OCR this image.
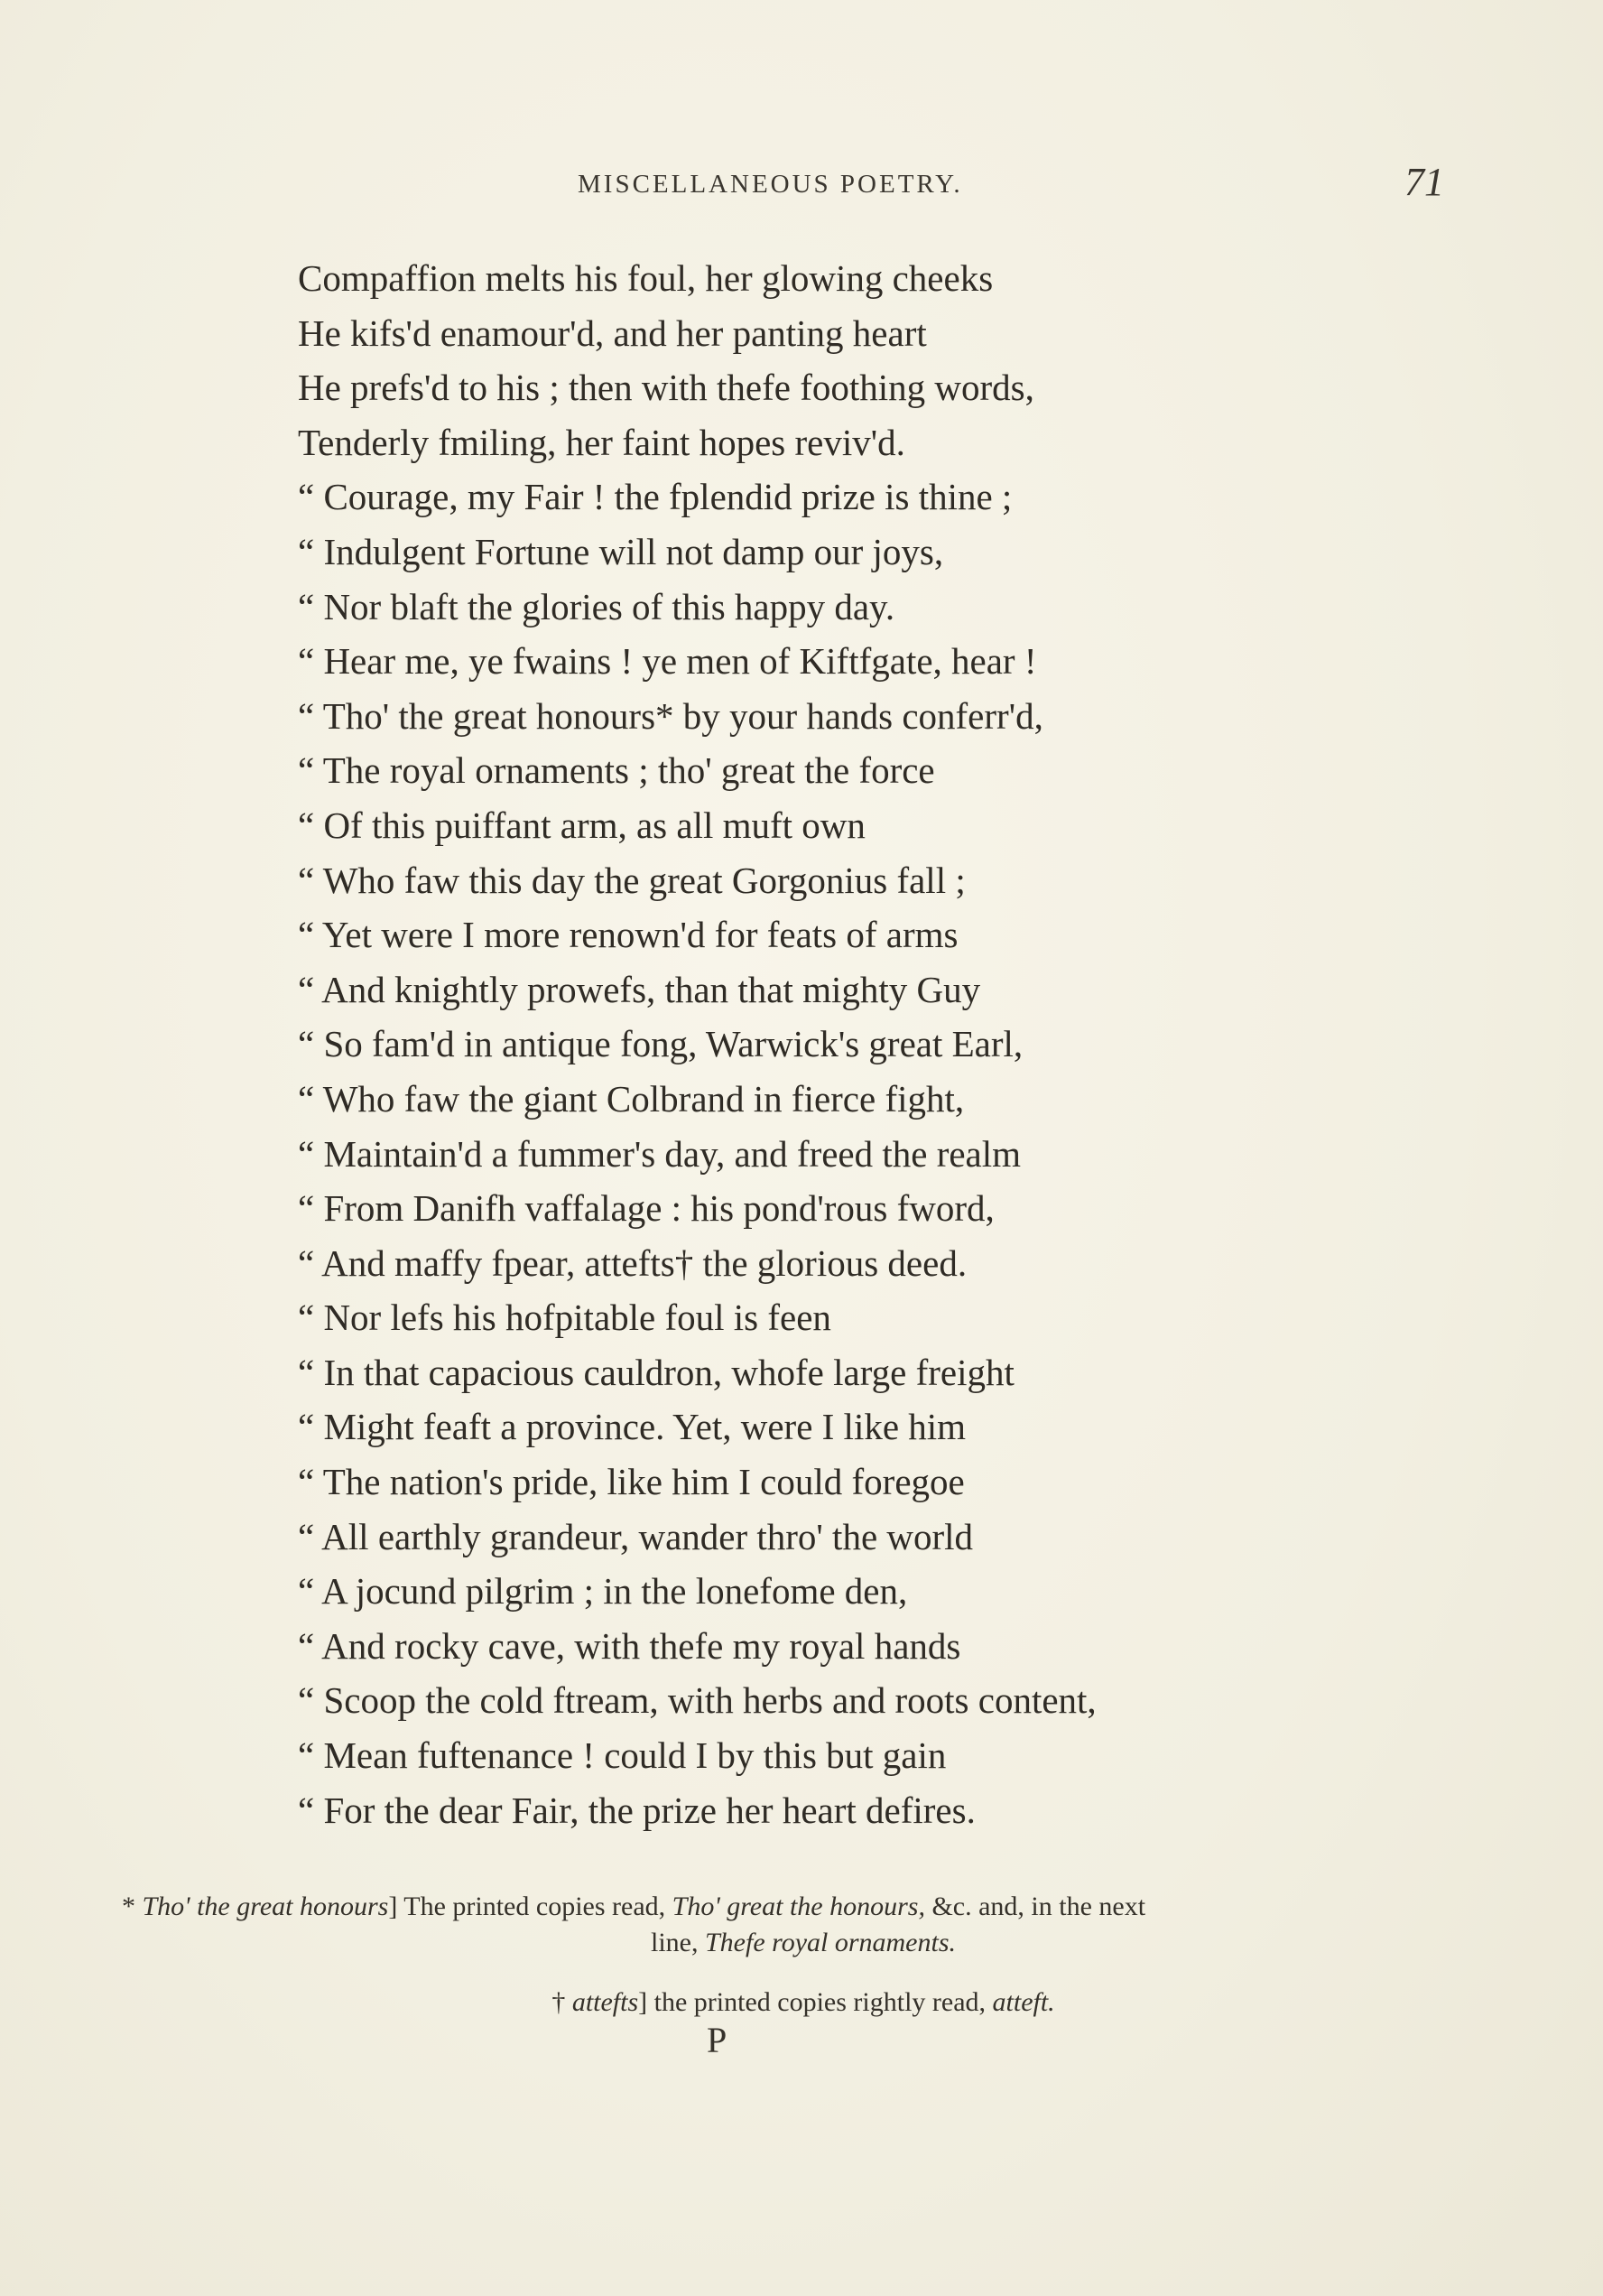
MISCELLANEOUS POETRY.	71
Compaffion melts his foul, her glowing cheeks
He kifs'd enamour'd, and her panting heart
He prefs'd to his ; then with thefe foothing words,
Tenderly fmiling, her faint hopes reviv'd.
“ Courage, my Fair ! the fplendid prize is thine ;
“ Indulgent Fortune will not damp our joys,
“ Nor blaft the glories of this happy day.
“ Hear me, ye fwains ! ye men of Kiftfgate, hear !
“ Tho' the great honours* by your hands conferr'd,
“ The royal ornaments ; tho' great the force
“ Of this puiffant arm, as all muft own
“ Who faw this day the great Gorgonius fall ;
“ Yet were I more renown'd for feats of arms
“ And knightly prowefs, than that mighty Guy
“ So fam'd in antique fong, Warwick's great Earl,
“ Who faw the giant Colbrand in fierce fight,
“ Maintain'd a fummer's day, and freed the realm
“ From Danifh vaffalage : his pond'rous fword,
“ And maffy fpear, attefts† the glorious deed.
“ Nor lefs his hofpitable foul is feen
“ In that capacious cauldron, whofe large freight
“ Might feaft a province. Yet, were I like him
“ The nation's pride, like him I could foregoe
“ All earthly grandeur, wander thro' the world
“ A jocund pilgrim ; in the lonefome den,
“ And rocky cave, with thefe my royal hands
“ Scoop the cold ftream, with herbs and roots content,
“ Mean fuftenance ! could I by this but gain
“ For the dear Fair, the prize her heart defires.
* Tho' the great honours] The printed copies read, Tho' great the honours, &c. and, in the next
line, Thefe royal ornaments.
† attefts] the printed copies rightly read, atteft.
P
